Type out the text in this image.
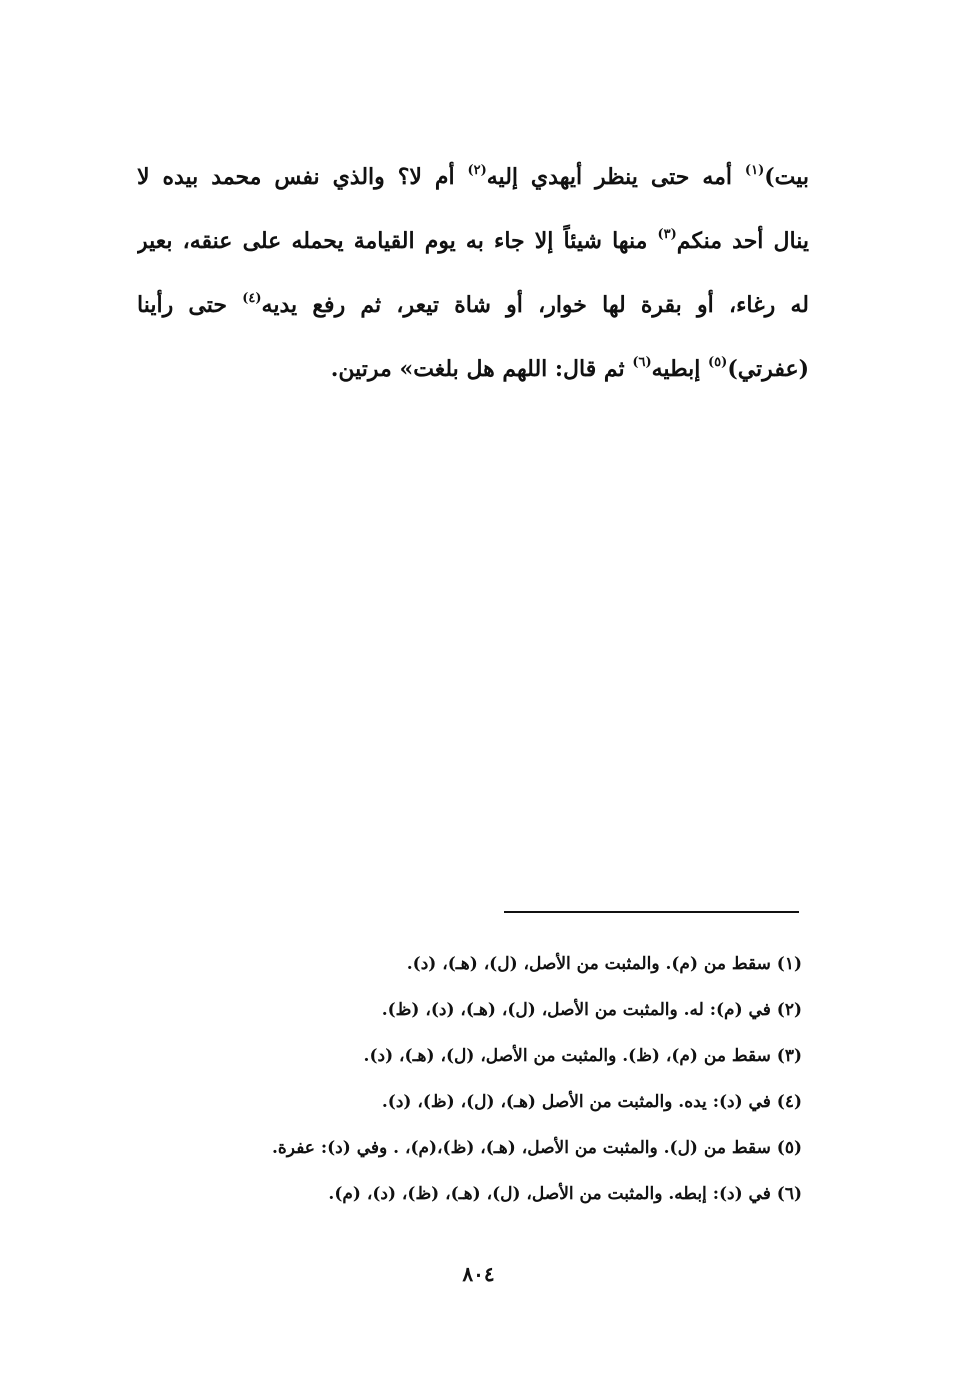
بيت)$^{(١)}$ أمه حتى ينظر أيهدي إليه$^{(٢)}$ أم لا؟ والذي نفس محمد بيده لا
ينال أحد منكم$^{(٣)}$ منها شيئاً إلا جاء به يوم القيامة يحمله على عنقه، بعير
له رغاء، أو بقرة لها خوار، أو شاة تيعر، ثم رفع يديه$^{(٤)}$ حتى رأينا
(عفرتي)$^{(٥)}$ إبطيه$^{(٦)}$ ثم قال: اللهم هل بلغت» مرتين.
(١) سقط من (م). والمثبت من الأصل، (ل)، (هـ)، (د).
(٢) في (م): له. والمثبت من الأصل، (ل)، (هـ)، (د)، (ظ).
(٣) سقط من (م)، (ظ). والمثبت من الأصل، (ل)، (هـ)، (د).
(٤) في (د): يده. والمثبت من الأصل (هـ)، (ل)، (ظ)، (د).
(٥) سقط من (ل). والمثبت من الأصل، (هـ)، (ظ)،(م)، . وفي (د): عفرة.
(٦) في (د): إبطه. والمثبت من الأصل، (ل)، (هـ)، (ظ)، (د)، (م).
٨٠٤
